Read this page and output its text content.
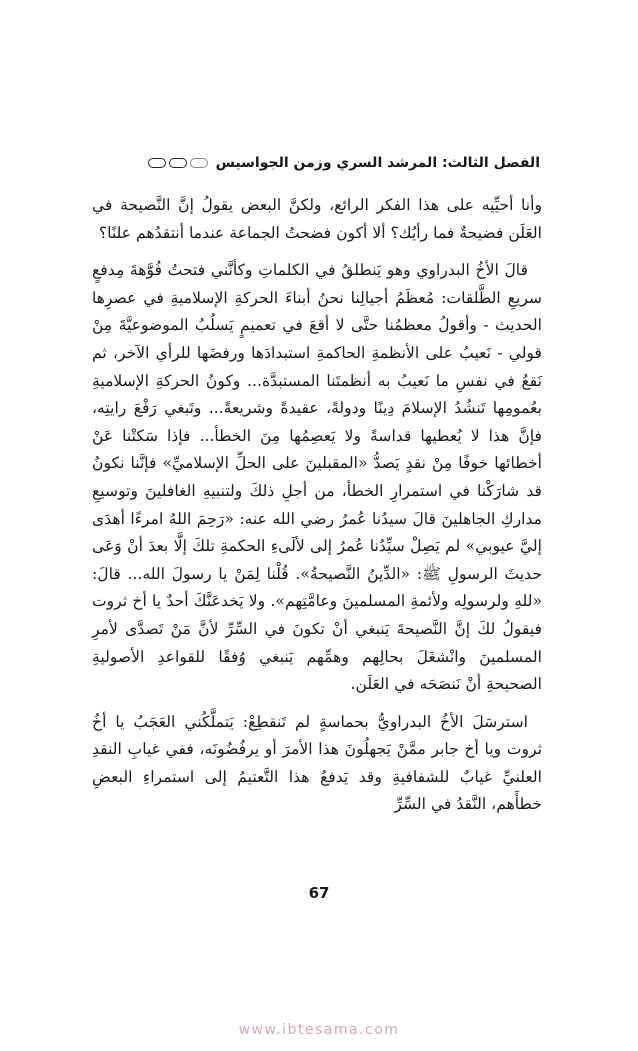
الفصل الثالث: المرشد السري وزمن الجواسيس

وأنا أحيِّيه على هذا الفكر الرائع، ولكنَّ البعض يقولُ إنَّ النَّصيحة في العَلَن فضيحةٌ فما رأيُك؟ ألا أكون فضحتُ الجماعة عندما أنتقدُهم علنًا؟

قالَ الأخُ البدراوي وهو يَنطلقُ في الكلماتِ وكأنَّني فتحتُ فُوَّهةَ مِدفعٍ سريعِ الطَّلقات: مُعظَمُ أجيالِنا نحنُ أبناءَ الحركةِ الإسلاميةِ في عصرِها الحديث - وأقولُ معظمُنا حتَّى لا أقعَ في تعميمٍ يَسلُبُ الموضوعيَّةَ مِنْ قولي - نَعيبُ على الأنظمةِ الحاكمةِ استبدادَها ورفضَها للرأي الآخر، ثم نَقعُ في نفسِ ما نَعيبُ به أنظمتَنا المستبدَّة... وكونُ الحركةِ الإسلاميةِ بعُمومِها تَنشُدُ الإسلامَ دِينًا ودولةً، عقيدةً وشريعةً... وتَبغي رَفْعَ رايتِه، فإنَّ هذا لا يُعطيها قداسةً ولا يَعصِمُها مِنَ الخطأ... فإذا سَكتْنا عَنْ أخطائها خوفًا مِنْ نقدٍ يَصدُّ «المقبلينَ على الحلِّ الإسلاميِّ» فإنَّنا نكونُ قد شارَكْنا في استمرارِ الخطأ، من أجلِ ذلكَ ولتنبيهِ الغافلينَ وتوسيعِ مداركِ الجاهلينَ قالَ سيدُنا عُمرُ رضي الله عنه: «رَحِمَ اللهُ امرءًا أهدَى إليَّ عيوبي» لم يَصِلْ سيِّدُنا عُمرُ إلى لألَىءِ الحكمةِ تلكَ إلَّا بعدَ أنْ وَعَى حديثَ الرسولِ ﷺ: «الدِّينُ النَّصيحةُ». قُلْنا لِمَنْ يا رسولَ الله... قالَ: «للهِ ولرسولِه ولأئمةِ المسلمينَ وعامَّتِهم». ولا يَخدعَنَّكَ أحدٌ يا أخ ثروت فيقولُ لكَ إنَّ النَّصيحةَ يَنبغي أنْ تكونَ في السِّرِّ لأنَّ مَنْ تَصدَّى لأمرِ المسلمينَ وانْشغَلَ بحالِهم وهمِّهم يَنبغي وُفقًا للقواعدِ الأصوليةِ الصحيحةِ أنْ نَنصَحَه في العَلَن.

استرسَلَ الأخُ البدراويُّ بحماسةٍ لم تَنقطِعْ: يَتملَّكُني العَجَبُ يا أخُ ثروت ويا أخ جابر ممَّنْ يَجهلُونَ هذا الأمرَ أو يرفُضُونَه، ففي غيابِ النقدِ العلنيِّ غيابٌ للشفافيةِ وقد يَدفعُ هذا التَّعتيمُ إلى استمراءِ البعضِ خطأَهم، النَّقدُ في السِّرِّ

67
www.ibtesama.com
